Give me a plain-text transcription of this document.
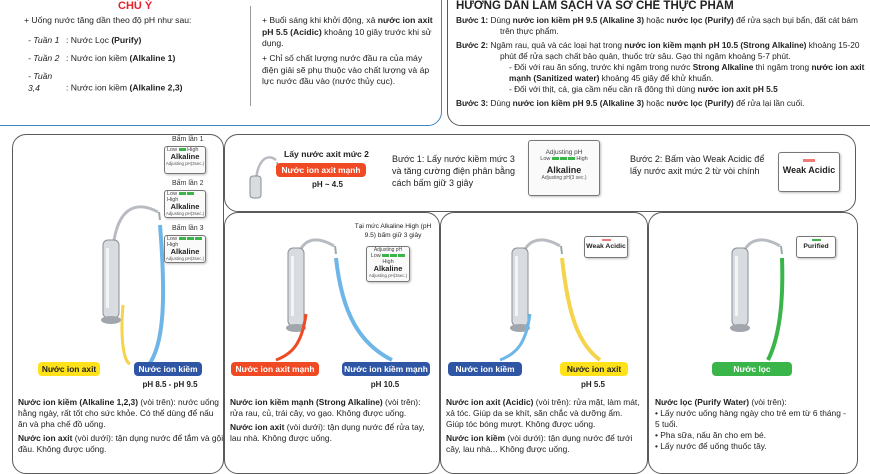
CHÚ Ý
+ Uống nước tăng dần theo độ pH như sau:
- Tuần 1 : Nước Lọc (Purify)
- Tuần 2 : Nước ion kiềm (Alkaline 1)
- Tuần 3,4	: Nước ion kiềm (Alkaline 2,3)
+ Buổi sáng khi khởi động, xả nước ion axit pH 5.5 (Acidic) khoảng 10 giây trước khi sử dụng.
+ Chỉ số chất lượng nước đầu ra của máy điện giải sẽ phụ thuộc vào chất lượng và áp lực nước đầu vào (nước thủy cục).
HƯỚNG DẪN LÀM SẠCH VÀ SƠ CHẾ THỰC PHẨM
Bước 1: Dùng nước ion kiềm pH 9.5 (Alkaline 3) hoặc nước lọc (Purify) để rửa sạch bụi bẩn, đất cát bám trên thực phẩm.
Bước 2: Ngâm rau, quả và các loại hạt trong nước ion kiềm mạnh pH 10.5 (Strong Alkaline) khoảng 15-20 phút để rửa sạch chất bảo quản, thuốc trừ sâu. Gạo thì ngâm khoảng 5-7 phút.
- Đối với rau ăn sống, trước khi ngâm trong nước Strong Alkaline thì ngâm trong nước ion axit mạnh (Sanitized water) khoảng 45 giây để khử khuẩn.
- Đối với thịt, cá, gia cầm nếu cần rã đông thì dùng nước ion axit pH 5.5
Bước 3: Dùng nước ion kiềm pH 9.5 (Alkaline 3) hoặc nước lọc (Purify) để rửa lại lần cuối.
Bấm lần 1
Low High
Alkaline
Adjusting pH(3sec.)
Bấm lần 2
Low  High
Alkaline
Adjusting pH(3sec.)
Bấm lần 3
Low  High
Alkaline
Adjusting pH(3sec.)
Nước ion axit	Nước ion kiềm
pH 8.5 - pH 9.5
Nước ion kiềm (Alkaline 1,2,3) (vòi trên): nước uống hằng ngày, rất tốt cho sức khỏe. Có thể dùng để nấu ăn và pha chế đồ uống.
Nước ion axit (vòi dưới): tận dụng nước để tắm và gội đầu. Không được uống.
Lấy nước axit mức 2
Nước ion axit mạnh
pH ~ 4.5
Bước 1: Lấy nước kiềm mức 3 và tăng cường điện phân bằng cách bấm giữ 3 giây
Adjusting pH
Low	High
Alkaline
Adjusting pH(3 sec.)
Bước 2: Bấm vào Weak Acidic để lấy nước axit mức 2 từ vòi chính	Weak Acidic
Tại mức Alkaline High (pH 9.5) bấm giữ 3 giây
Adjusting pH
Low  High
Alkaline
Adjusting pH(3sec.)
Nước ion axit mạnh	Nước ion kiềm mạnh
pH 10.5
Nước ion kiềm mạnh (Strong Alkaline) (vòi trên): rửa rau, củ, trái cây, vo gạo. Không được uống.
Nước ion axit (vòi dưới): tận dụng nước để rửa tay, lau nhà. Không được uống.
Weak Acidic
Nước ion kiềm	Nước ion axit
pH 5.5
Nước ion axit (Acidic) (vòi trên): rửa mặt, làm mát, xả tóc. Giúp da se khít, săn chắc và dưỡng ẩm. Giúp tóc bóng mượt. Không được uống.
Nước ion kiềm (vòi dưới): tận dụng nước để tưới cây, lau nhà... Không được uống.
Purified
Nước lọc
Nước lọc (Purify Water) (vòi trên):
• Lấy nước uống hàng ngày cho trẻ em từ 6 tháng - 5 tuổi.
• Pha sữa, nấu ăn cho em bé.
• Lấy nước để uống thuốc tây.
